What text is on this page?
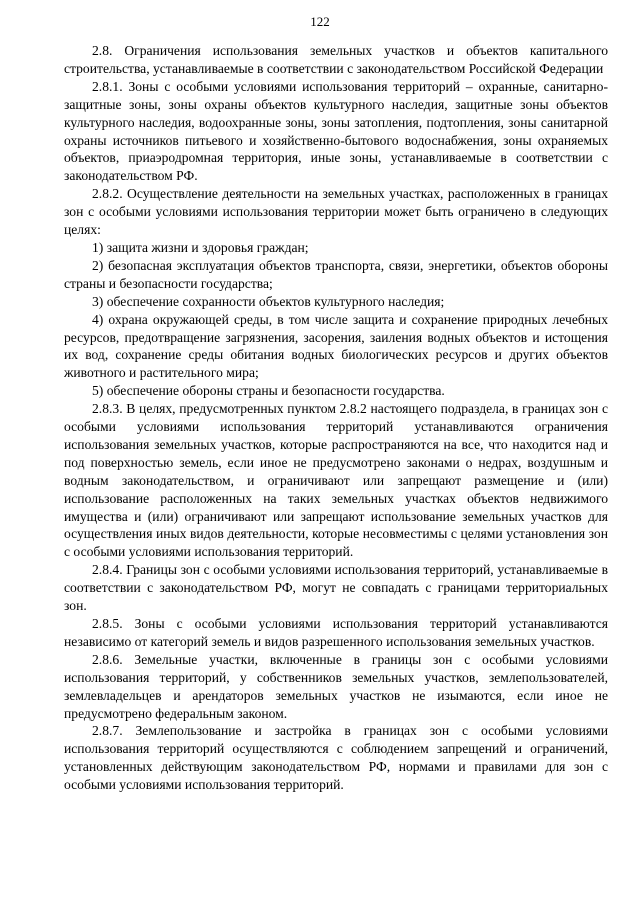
122

2.8. Ограничения использования земельных участков и объектов капитального строительства, устанавливаемые в соответствии с законодательством Российской Федерации

2.8.1. Зоны с особыми условиями использования территорий – охранные, санитарно-защитные зоны, зоны охраны объектов культурного наследия, защитные зоны объектов культурного наследия, водоохранные зоны, зоны затопления, подтопления, зоны санитарной охраны источников питьевого и хозяйственно-бытового водоснабжения, зоны охраняемых объектов, приаэродромная территория, иные зоны, устанавливаемые в соответствии с законодательством РФ.

2.8.2. Осуществление деятельности на земельных участках, расположенных в границах зон с особыми условиями использования территории может быть ограничено в следующих целях:

1) защита жизни и здоровья граждан;

2) безопасная эксплуатация объектов транспорта, связи, энергетики, объектов обороны страны и безопасности государства;

3) обеспечение сохранности объектов культурного наследия;

4) охрана окружающей среды, в том числе защита и сохранение природных лечебных ресурсов, предотвращение загрязнения, засорения, заиления водных объектов и истощения их вод, сохранение среды обитания водных биологических ресурсов и других объектов животного и растительного мира;

5) обеспечение обороны страны и безопасности государства.

2.8.3. В целях, предусмотренных пунктом 2.8.2 настоящего подраздела, в границах зон с особыми условиями использования территорий устанавливаются ограничения использования земельных участков, которые распространяются на все, что находится над и под поверхностью земель, если иное не предусмотрено законами о недрах, воздушным и водным законодательством, и ограничивают или запрещают размещение и (или) использование расположенных на таких земельных участках объектов недвижимого имущества и (или) ограничивают или запрещают использование земельных участков для осуществления иных видов деятельности, которые несовместимы с целями установления зон с особыми условиями использования территорий.

2.8.4. Границы зон с особыми условиями использования территорий, устанавливаемые в соответствии с законодательством РФ, могут не совпадать с границами территориальных зон.

2.8.5. Зоны с особыми условиями использования территорий устанавливаются независимо от категорий земель и видов разрешенного использования земельных участков.

2.8.6. Земельные участки, включенные в границы зон с особыми условиями использования территорий, у собственников земельных участков, землепользователей, землевладельцев и арендаторов земельных участков не изымаются, если иное не предусмотрено федеральным законом.

2.8.7. Землепользование и застройка в границах зон с особыми условиями использования территорий осуществляются с соблюдением запрещений и ограничений, установленных действующим законодательством РФ, нормами и правилами для зон с особыми условиями использования территорий.
